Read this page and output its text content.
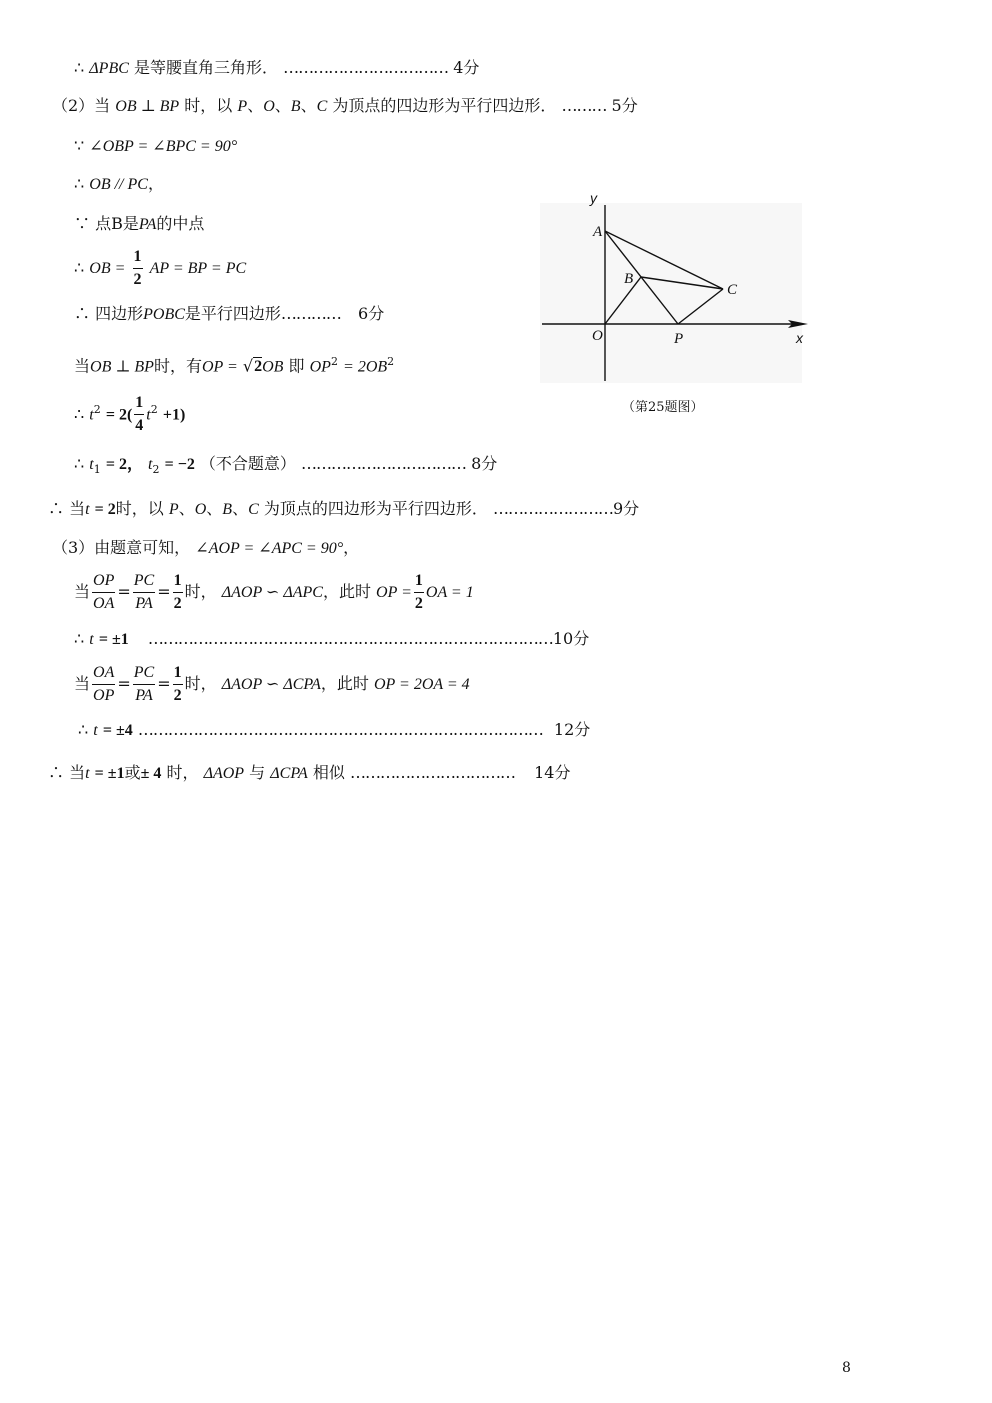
∴ ΔPBC 是等腰直角三角形． …………………………… 4分
（2）当 OB ⊥ BP 时，以 P、O、B、C 为顶点的四边形为平行四边形． ……… 5分
∵ ∠OBP = ∠BPC = 90°
∴ OB // PC，
∵ 点B是PA的中点
∴ OB = $\frac{1}{2}$ AP = BP = PC
∴ 四边形POBC是平行四边形………… 6分
当OB ⊥ BP时，有OP = √2OB 即 $OP^2 = 2OB^2$
∴ $t^2 = 2( \frac{1}{4} t^2 +1)$
∴ $t_1 = 2$， $t_2 = -2$ （不合题意） …………………………… 8分
∴ 当t = 2时，以 P、O、B、C 为顶点的四边形为平行四边形． ……………………9分
（3）由题意可知， ∠AOP = ∠APC = 90°，
当 $\frac{OP}{OA} = \frac{PC}{PA} = \frac{1}{2}$ 时， ΔAOP ∽ ΔAPC，此时 OP = $\frac{1}{2}$ OA = 1
∴ t = ±1 ………………………………………………………………………10分
当 $\frac{OA}{OP} = \frac{PC}{PA} = \frac{1}{2}$ 时， ΔAOP ∽ ΔCPA，此时 OP = 2OA = 4
∴ t = ±4 ……………………………………………………………………… 12分
∴ 当t = ±1或± 4 时， ΔAOP 与 ΔCPA 相似 …………………………… 14分
y
x
A
B
C
O	P
（第25题图）
8
